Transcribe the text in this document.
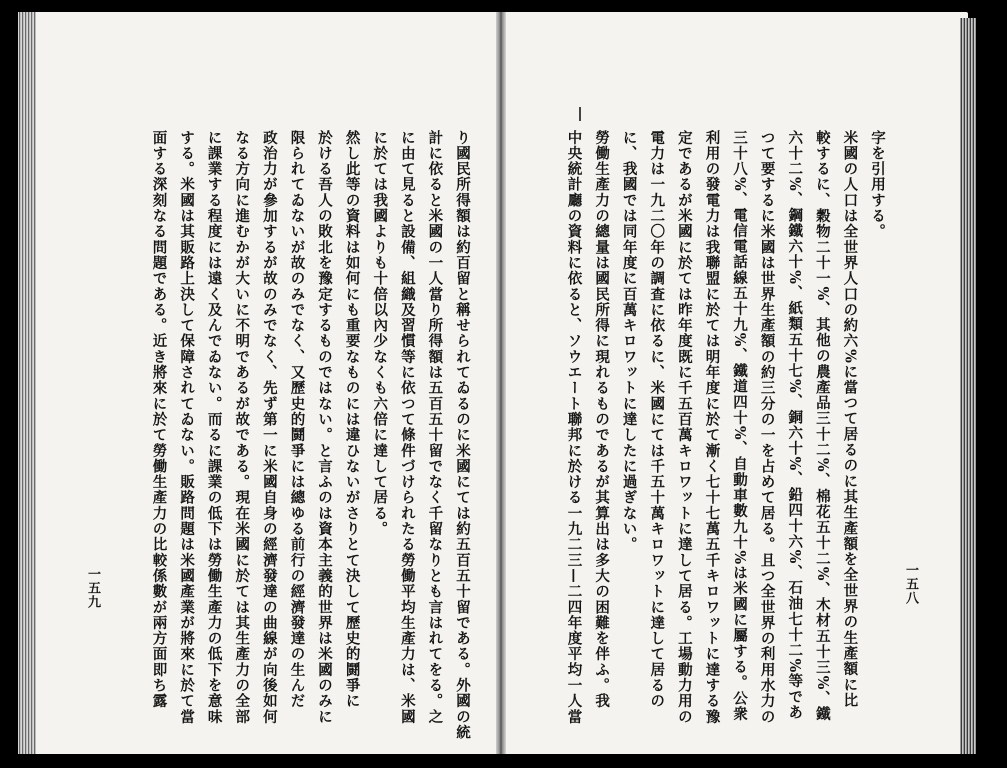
り國民所得額は約百留と稱せられてゐるのに米國にては約五百五十留である。外國の統

計に依ると米國の一人當り所得額は五百五十留でなく千留なりとも言はれてをる。之

に由て見ると設備、組織及習慣等に依つて條件づけられたる勞働平均生產力は、米國

に於ては我國よりも十倍以內少なくも六倍に達して居る。

然し此等の資料は如何にも重要なものには違ひないがさりとて決して歷史的鬪爭に

於ける吾人の敗北を豫定するものではない。と言ふのは資本主義的世界は米國のみに

限られてゐないが故のみでなく、又歷史的鬪爭には總ゆる前行の經濟發達の生んだ

政治力が參加するが故のみでなく、先ず第一に米國自身の經濟發達の曲線が向後如何

なる方向に進むかが大いに不明であるが故である。現在米國に於ては其生產力の全部

に課業する程度には遠く及んでゐない。而るに課業の低下は勞働生產力の低下を意味

する。米國は其販路上決して保障されてゐない。販路問題は米國產業が將來に於て當

面する深刻なる問題である。近き將來に於て勞働生產力の比較係數が兩方面即ち露

一五九

字を引用する。

米國の人口は全世界人口の約六%に當つて居るのに其生產額を全世界の生產額に比

較するに、穀物二十一%、其他の農產品三十二%、棉花五十二%、木材五十三%、鐵

六十二%、鋼鐵六十%、紙類五十七%、銅六十%、鉛四十六%、石油七十二%等であ

つて要するに米國は世界生產額の約三分の一を占めて居る。且つ全世界の利用水力の

三十八%、電信電話線五十九%、鐵道四十%、自動車數九十%は米國に屬する。公衆

利用の發電力は我聯盟に於ては明年度に於て漸く七十七萬五千キロワットに達する豫

定であるが米國に於ては昨年度既に千五百萬キロワットに達して居る。工場動力用の

電力は一九二〇年の調査に依るに、米國にては千五十萬キロワットに達して居るの

に、我國では同年度に百萬キロワットに達したに過ぎない。

勞働生產力の總量は國民所得に現れるものであるが其算出は多大の困難を伴ふ。我

中央統計廳の資料に依ると、ソウエート聯邦に於ける一九二三—二四年度平均一人當	一五八
